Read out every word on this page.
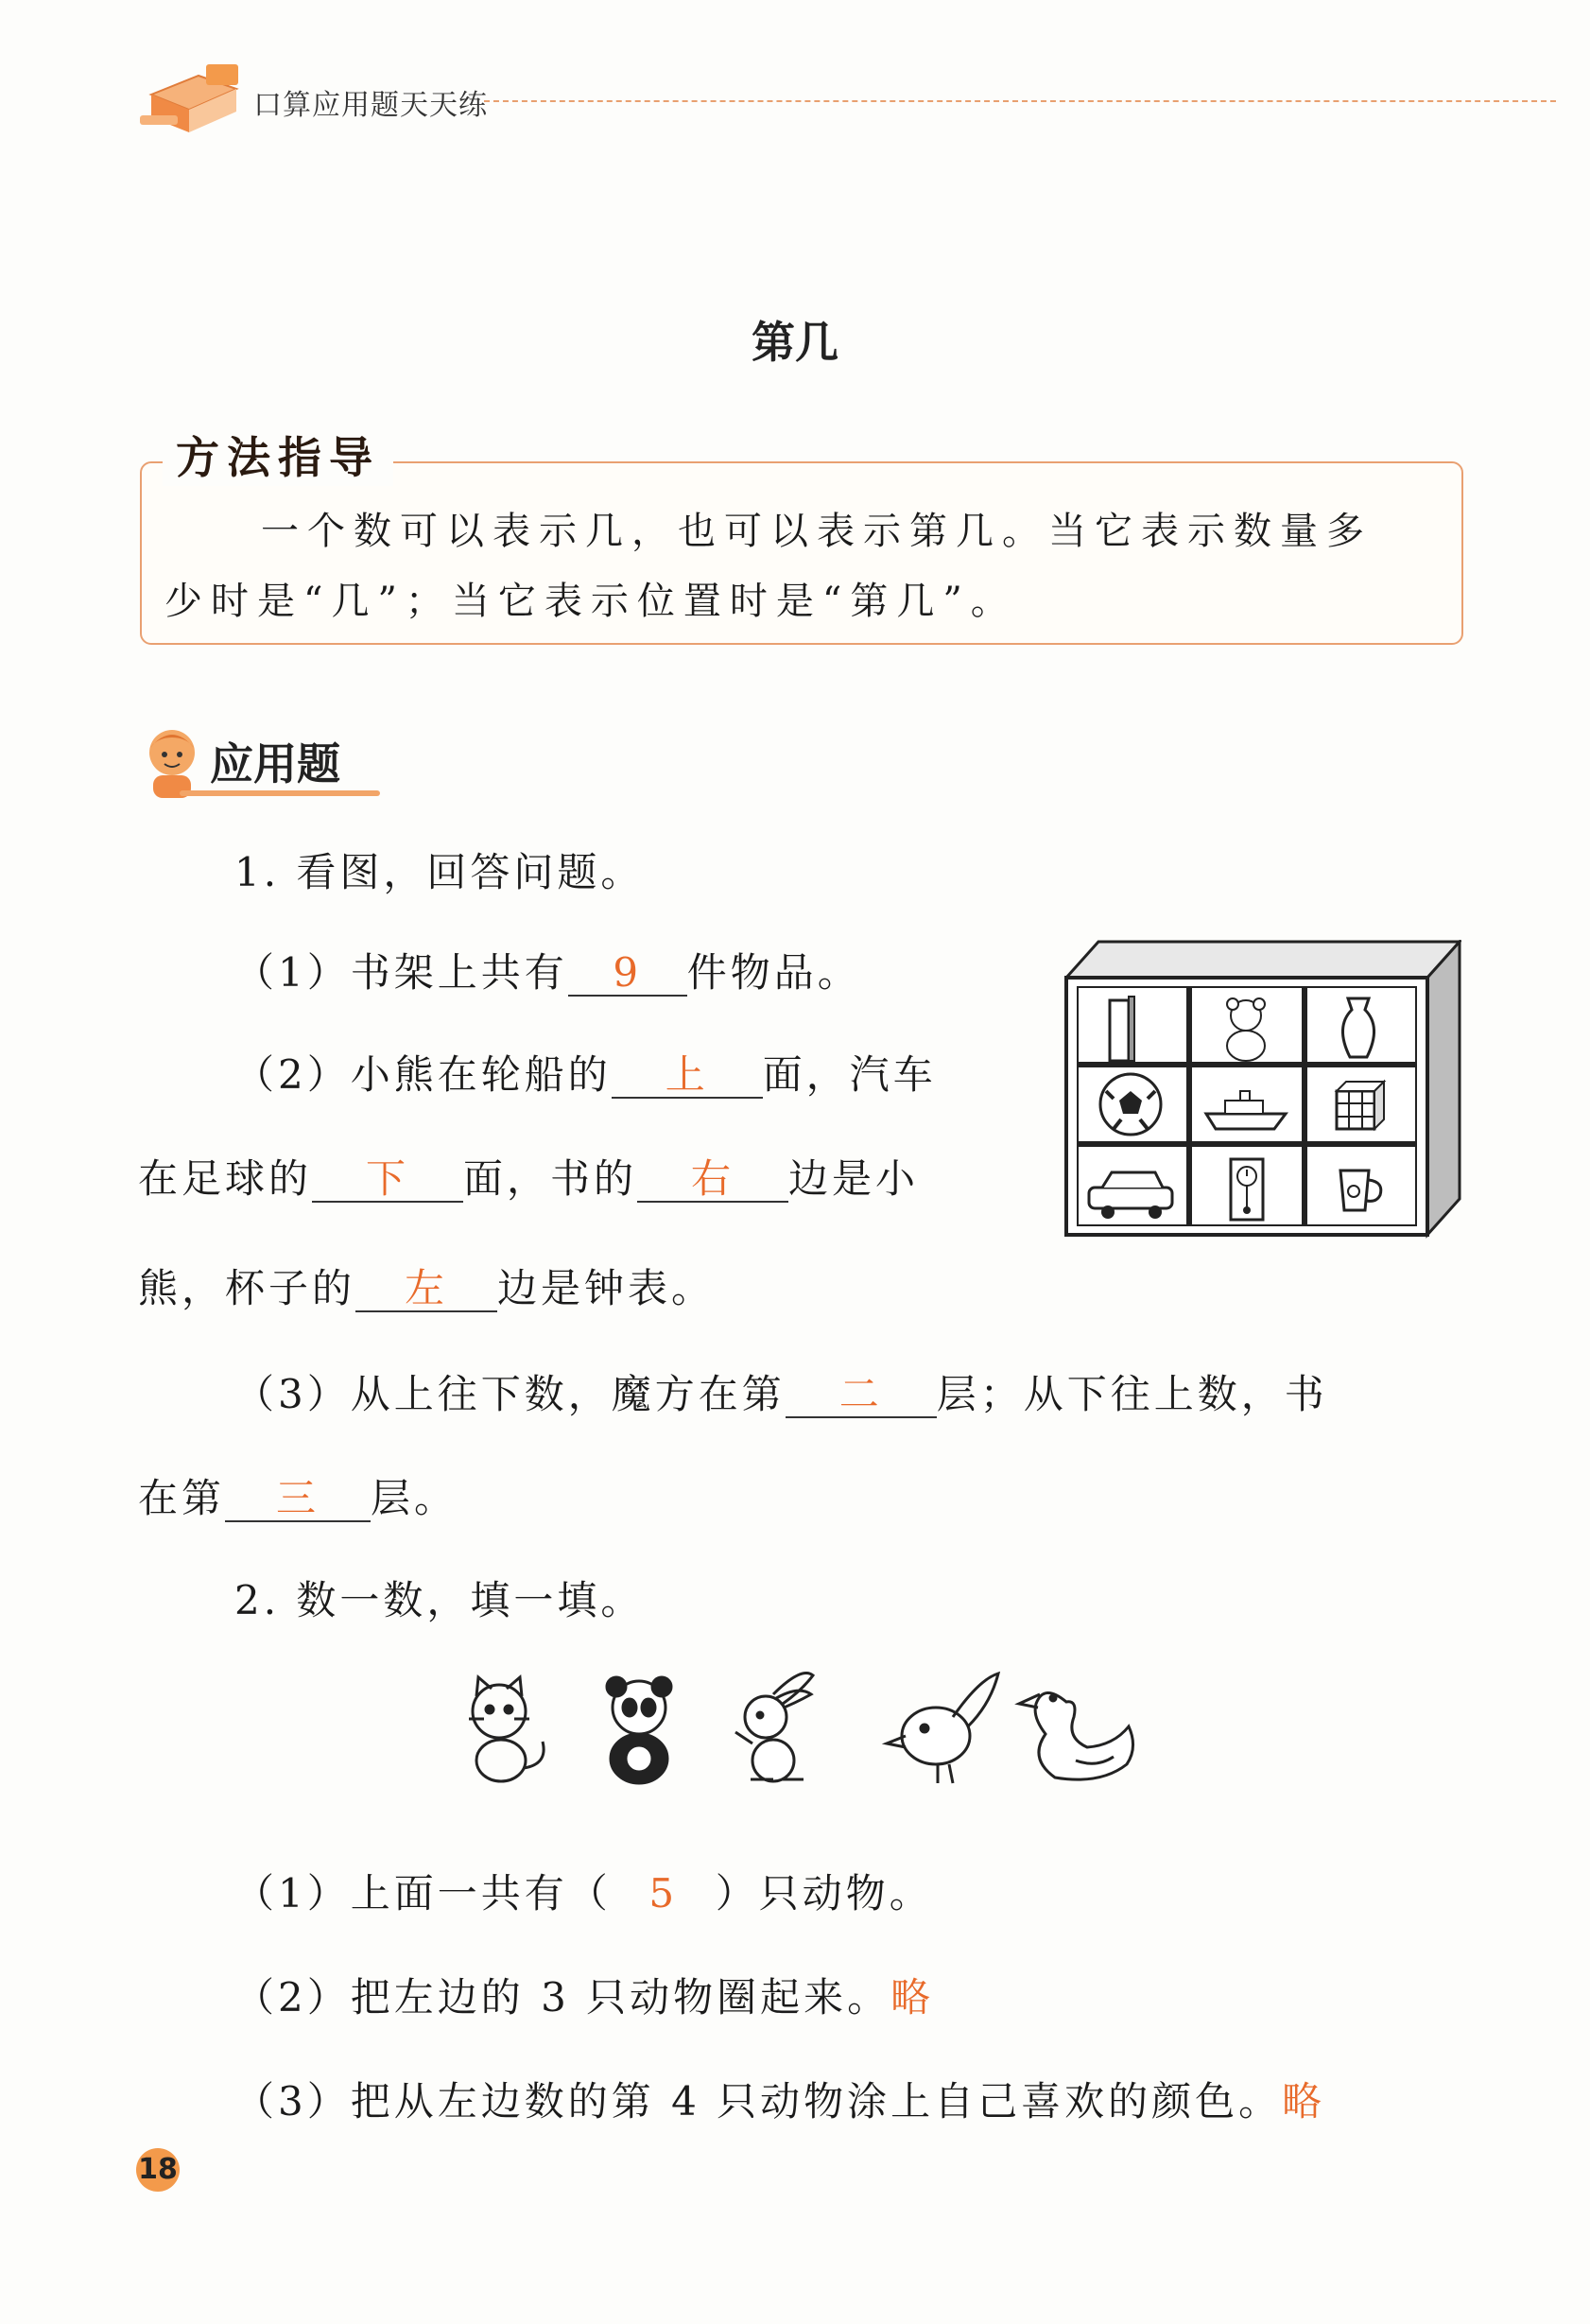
口算应用题天天练
第几
方法指导
一个数可以表示几，也可以表示第几。当它表示数量多
少时是“几”；当它表示位置时是“第几”。
应用题
1. 看图，回答问题。
（1）书架上共有 9 件物品。
（2）小熊在轮船的 上 面，汽车
在足球的 下 面，书的 右 边是小
熊，杯子的 左 边是钟表。
（3）从上往下数，魔方在第 二 层；从下往上数，书
在第 三 层。
2. 数一数，填一填。
（1）上面一共有（ 5 ）只动物。
（2）把左边的 3 只动物圈起来。略
（3）把从左边数的第 4 只动物涂上自己喜欢的颜色。略
18
